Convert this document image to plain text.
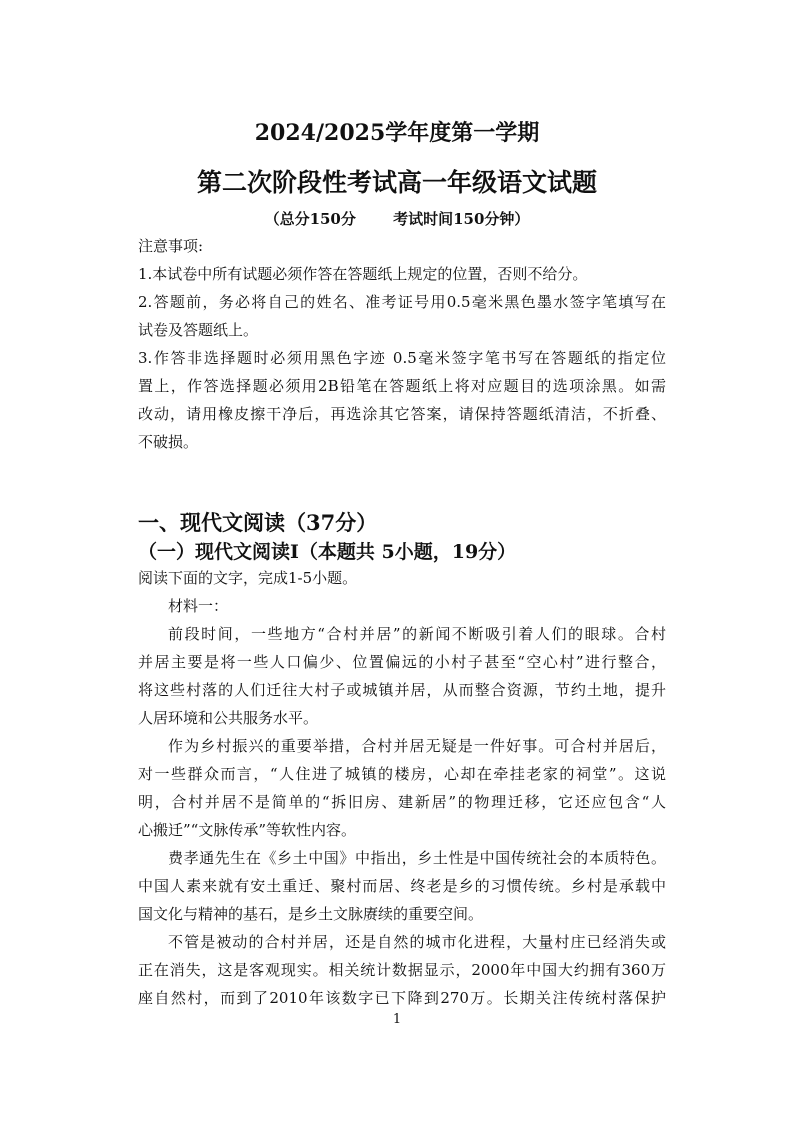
2024/2025学年度第一学期
第二次阶段性考试高一年级语文试题
（总分150分 考试时间150分钟）
注意事项:
1.本试卷中所有试题必须作答在答题纸上规定的位置，否则不给分。
2.答题前，务必将自己的姓名、准考证号用0.5毫米黑色墨水签字笔填写在
试卷及答题纸上。
3.作答非选择题时必须用黑色字迹 0.5毫米签字笔书写在答题纸的指定位
置上，作答选择题必须用2B铅笔在答题纸上将对应题目的选项涂黑。如需
改动，请用橡皮擦干净后，再选涂其它答案，请保持答题纸清洁，不折叠、
不破损。
一、现代文阅读（37分）
（一）现代文阅读Ⅰ（本题共 5小题，19分）
阅读下面的文字，完成1-5小题。
材料一：
前段时间，一些地方“合村并居”的新闻不断吸引着人们的眼球。合村
并居主要是将一些人口偏少、位置偏远的小村子甚至“空心村”进行整合，
将这些村落的人们迁往大村子或城镇并居，从而整合资源，节约土地，提升
人居环境和公共服务水平。
作为乡村振兴的重要举措，合村并居无疑是一件好事。可合村并居后，
对一些群众而言，“人住进了城镇的楼房，心却在牵挂老家的祠堂”。这说
明，合村并居不是简单的“拆旧房、建新居”的物理迁移，它还应包含“人
心搬迁”“文脉传承”等软性内容。
费孝通先生在《乡土中国》中指出，乡土性是中国传统社会的本质特色。
中国人素来就有安土重迁、聚村而居、终老是乡的习惯传统。乡村是承载中
国文化与精神的基石，是乡土文脉赓续的重要空间。
不管是被动的合村并居，还是自然的城市化进程，大量村庄已经消失或
正在消失，这是客观现实。相关统计数据显示，2000年中国大约拥有360万
座自然村，而到了2010年该数字已下降到270万。长期关注传统村落保护
1
